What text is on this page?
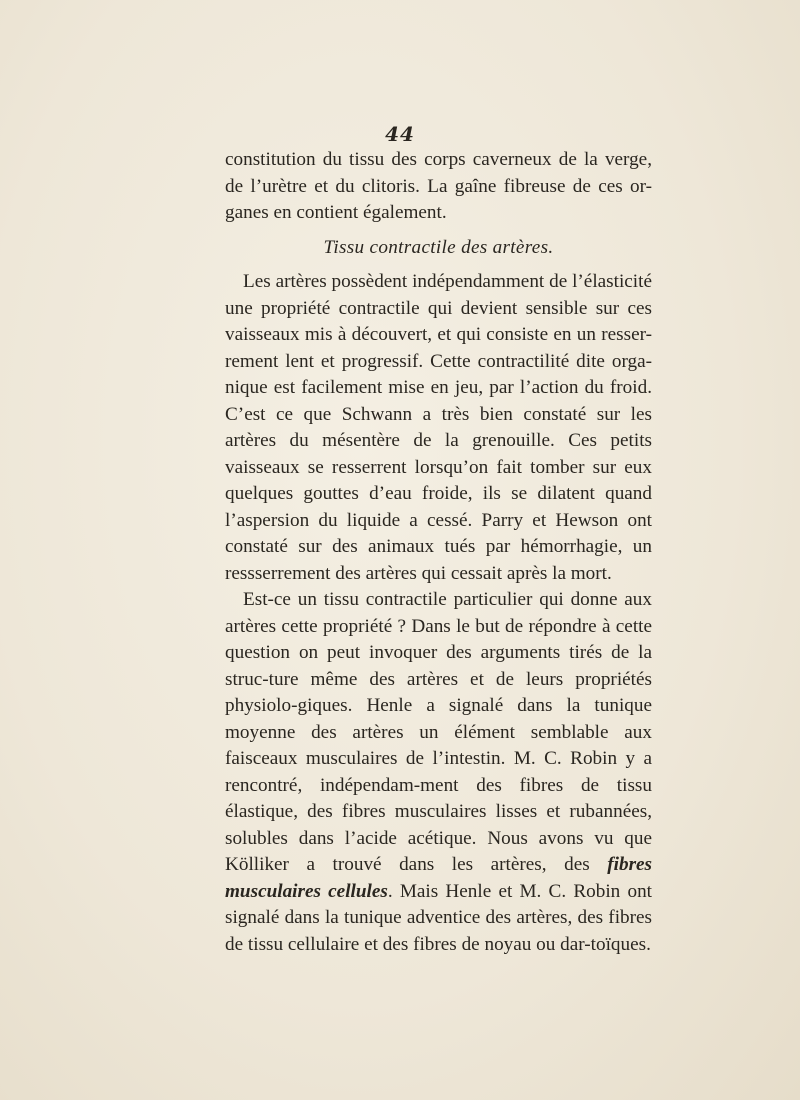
44

constitution du tissu des corps caverneux de la verge, de l’urètre et du clitoris. La gaîne fibreuse de ces or-ganes en contient également.

Tissu contractile des artères.

Les artères possèdent indépendamment de l’élasticité une propriété contractile qui devient sensible sur ces vaisseaux mis à découvert, et qui consiste en un resser-rement lent et progressif. Cette contractilité dite orga-nique est facilement mise en jeu, par l’action du froid. C’est ce que Schwann a très bien constaté sur les artères du mésentère de la grenouille. Ces petits vaisseaux se resserrent lorsqu’on fait tomber sur eux quelques gouttes d’eau froide, ils se dilatent quand l’aspersion du liquide a cessé. Parry et Hewson ont constaté sur des animaux tués par hémorrhagie, un ressserrement des artères qui cessait après la mort.

Est-ce un tissu contractile particulier qui donne aux artères cette propriété ? Dans le but de répondre à cette question on peut invoquer des arguments tirés de la struc-ture même des artères et de leurs propriétés physiolo-giques. Henle a signalé dans la tunique moyenne des artères un élément semblable aux faisceaux musculaires de l’intestin. M. C. Robin y a rencontré, indépendam-ment des fibres de tissu élastique, des fibres musculaires lisses et rubannées, solubles dans l’acide acétique. Nous avons vu que Kölliker a trouvé dans les artères, des fibres musculaires cellules. Mais Henle et M. C. Robin ont signalé dans la tunique adventice des artères, des fibres de tissu cellulaire et des fibres de noyau ou dar-toïques.
